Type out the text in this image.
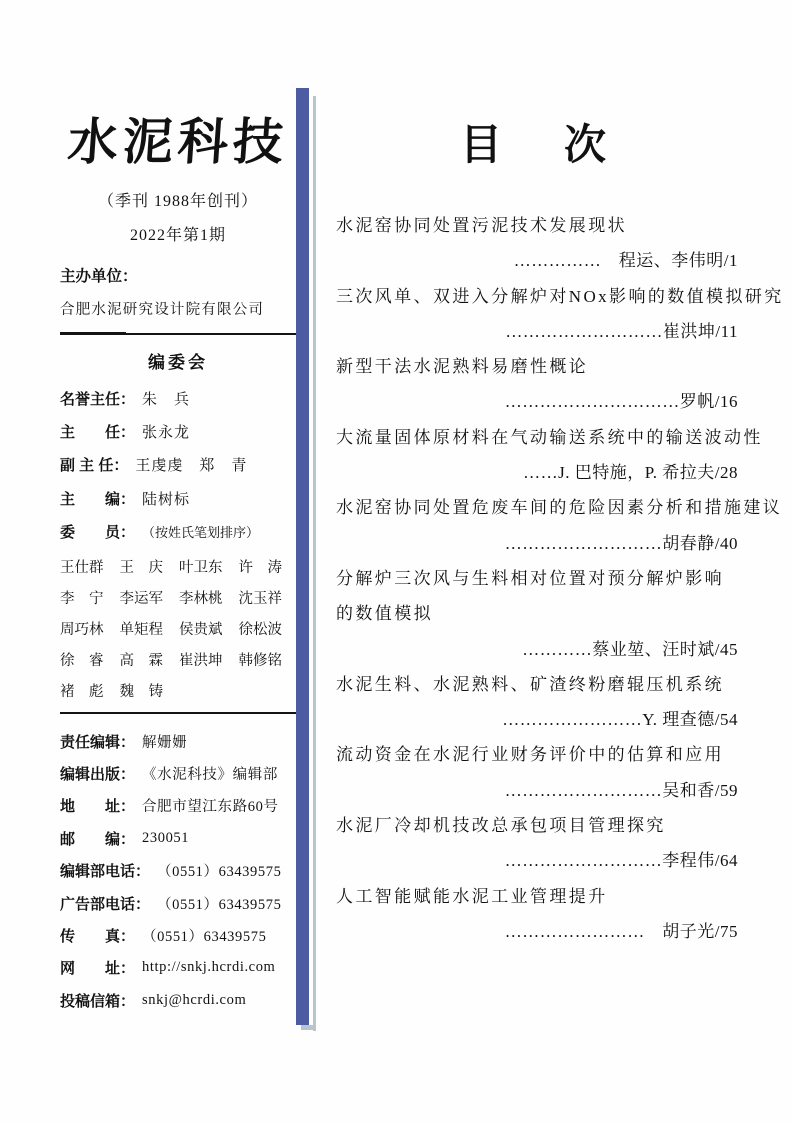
水泥科技
（季刊 1988年创刊）
2022年第1期
主办单位：
合肥水泥研究设计院有限公司
编委会
名誉主任： 朱　兵
主　　任： 张永龙
副 主 任： 王虔虔　郑　青
主　　编： 陆树标
委　　员： （按姓氏笔划排序）
王仕群	王　庆	叶卫东	许　涛
李　宁	李运军	李林桃	沈玉祥
周巧林	单矩程	侯贵斌	徐松波
徐　睿	高　霖	崔洪坤	韩修铭
褚　彪	魏　铸
责任编辑： 解姗姗
编辑出版： 《水泥科技》编辑部
地　　址： 合肥市望江东路60号
邮　　编： 230051
编辑部电话： （0551）63439575
广告部电话： （0551）63439575
传　　真： （0551）63439575
网　　址： http://snkj.hcrdi.com
投稿信箱： snkj@hcrdi.com
目　次
水泥窑协同处置污泥技术发展现状
……………　程运、李伟明/1
三次风单、双进入分解炉对NOx影响的数值模拟研究
………………………崔洪坤/11
新型干法水泥熟料易磨性概论
…………………………罗帆/16
大流量固体原材料在气动输送系统中的输送波动性
……J. 巴特施，P. 希拉夫/28
水泥窑协同处置危废车间的危险因素分析和措施建议
………………………胡春静/40
分解炉三次风与生料相对位置对预分解炉影响
的数值模拟
…………蔡业堃、汪时斌/45
水泥生料、水泥熟料、矿渣终粉磨辊压机系统
……………………Y. 理查德/54
流动资金在水泥行业财务评价中的估算和应用
………………………吴和香/59
水泥厂冷却机技改总承包项目管理探究
………………………李程伟/64
人工智能赋能水泥工业管理提升
……………………　胡子光/75
